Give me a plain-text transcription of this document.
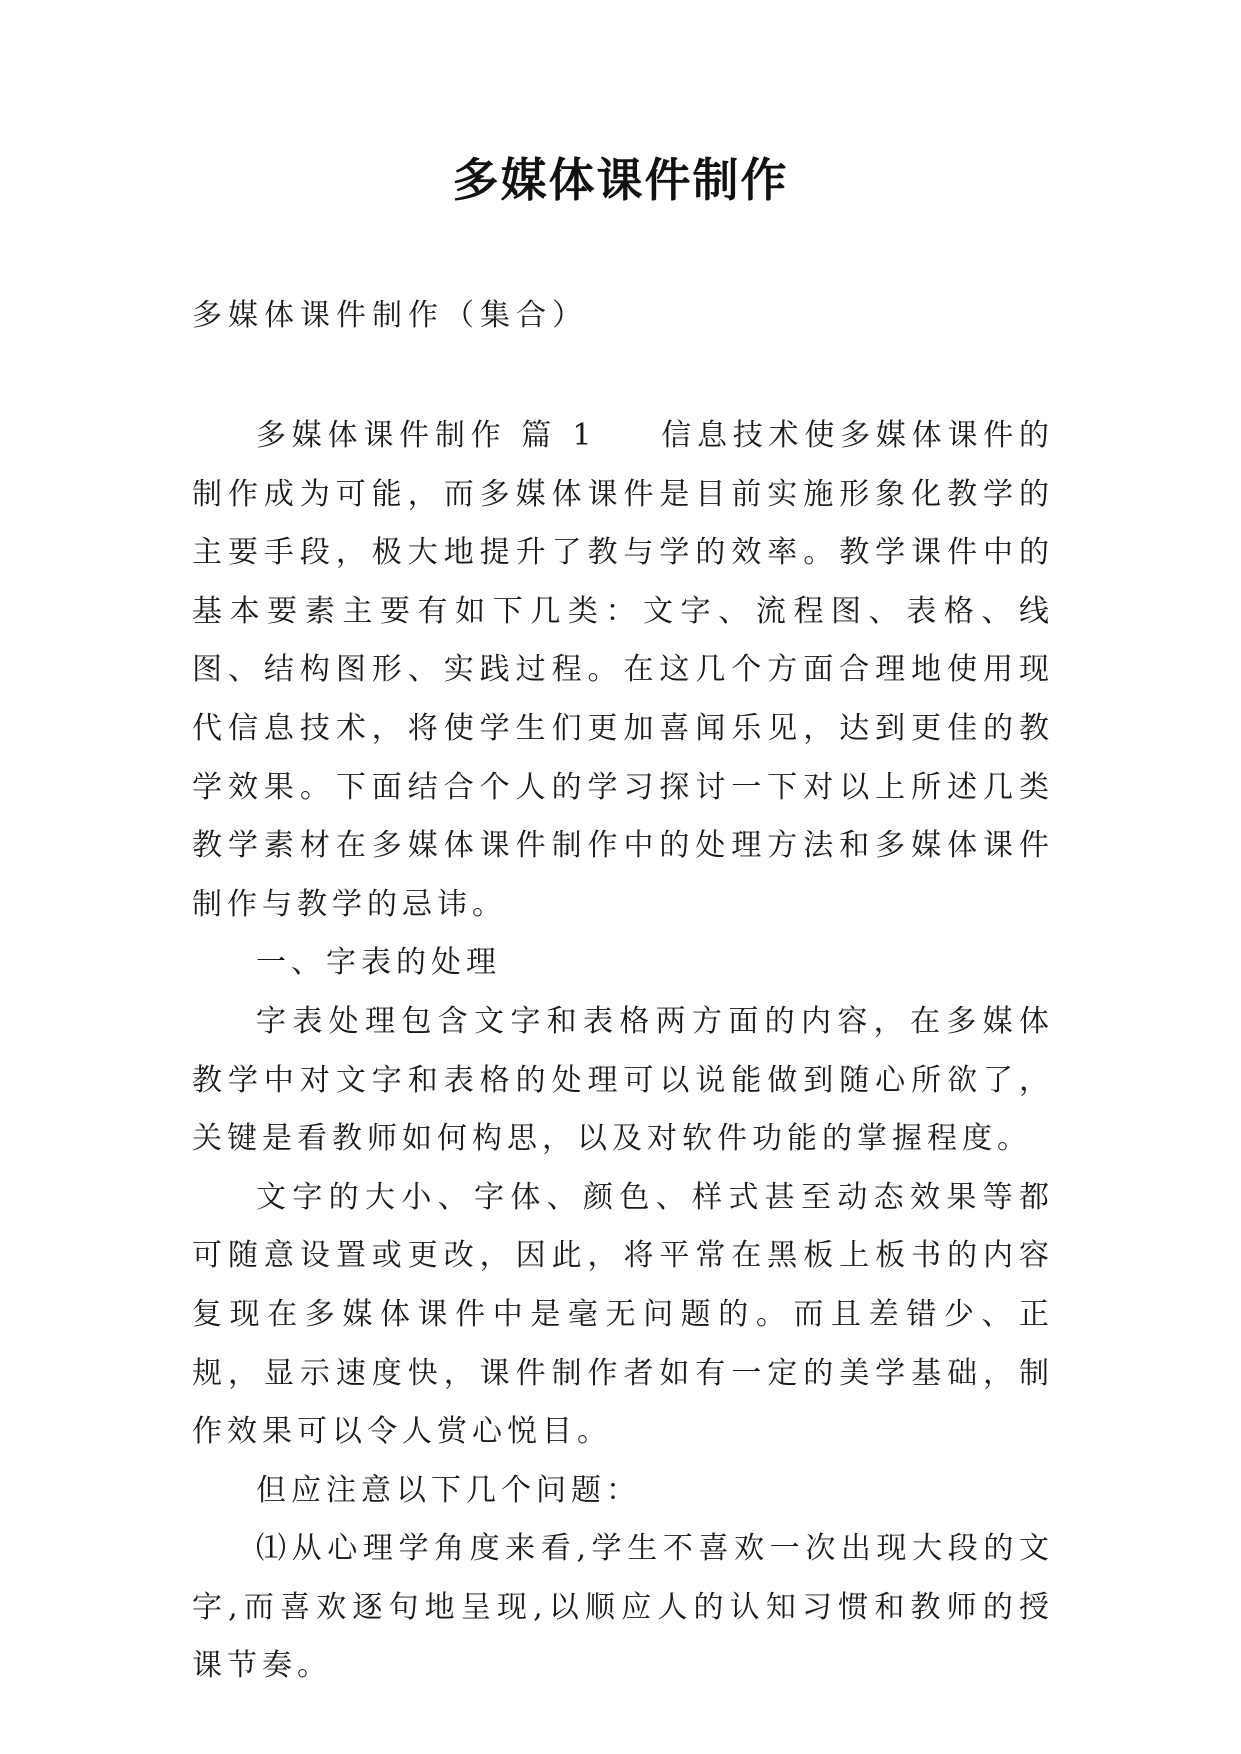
多媒体课件制作
多媒体课件制作（集合）

多媒体课件制作 篇 1 信息技术使多媒体课件的制作成为可能，而多媒体课件是目前实施形象化教学的主要手段，极大地提升了教与学的效率。教学课件中的基本要素主要有如下几类：文字、流程图、表格、线图、结构图形、实践过程。在这几个方面合理地使用现代信息技术，将使学生们更加喜闻乐见，达到更佳的教学效果。下面结合个人的学习探讨一下对以上所述几类教学素材在多媒体课件制作中的处理方法和多媒体课件制作与教学的忌讳。

一、字表的处理

字表处理包含文字和表格两方面的内容，在多媒体教学中对文字和表格的处理可以说能做到随心所欲了，关键是看教师如何构思，以及对软件功能的掌握程度。

文字的大小、字体、颜色、样式甚至动态效果等都可随意设置或更改，因此，将平常在黑板上板书的内容复现在多媒体课件中是毫无问题的。而且差错少、正规，显示速度快，课件制作者如有一定的美学基础，制作效果可以令人赏心悦目。

但应注意以下几个问题：

⑴从心理学角度来看,学生不喜欢一次出现大段的文字,而喜欢逐句地呈现,以顺应人的认知习惯和教师的授课节奏。
